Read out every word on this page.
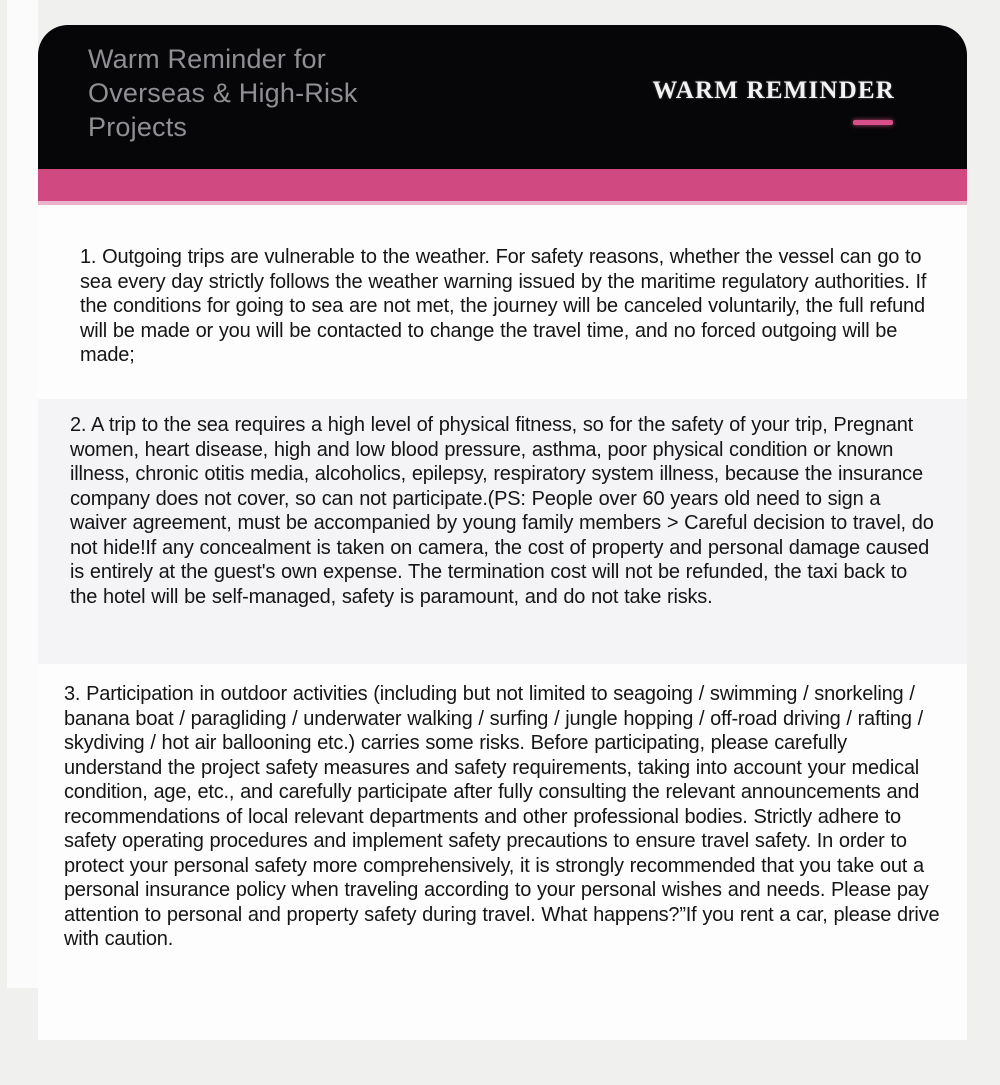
Warm Reminder for Overseas & High-Risk Projects
WARM REMINDER
1. Outgoing trips are vulnerable to the weather. For safety reasons, whether the vessel can go to sea every day strictly follows the weather warning issued by the maritime regulatory authorities. If the conditions for going to sea are not met, the journey will be canceled voluntarily, the full refund will be made or you will be contacted to change the travel time, and no forced outgoing will be made;
2. A trip to the sea requires a high level of physical fitness, so for the safety of your trip, Pregnant women, heart disease, high and low blood pressure, asthma, poor physical condition or known illness, chronic otitis media, alcoholics, epilepsy, respiratory system illness, because the insurance company does not cover, so can not participate.(PS: People over 60 years old need to sign a waiver agreement, must be accompanied by young family members > Careful decision to travel, do not hide!If any concealment is taken on camera, the cost of property and personal damage caused is entirely at the guest's own expense. The termination cost will not be refunded, the taxi back to the hotel will be self-managed, safety is paramount, and do not take risks.
3. Participation in outdoor activities (including but not limited to seagoing / swimming / snorkeling / banana boat / paragliding / underwater walking / surfing / jungle hopping / off-road driving / rafting / skydiving / hot air ballooning etc.) carries some risks. Before participating, please carefully understand the project safety measures and safety requirements, taking into account your medical condition, age, etc., and carefully participate after fully consulting the relevant announcements and recommendations of local relevant departments and other professional bodies. Strictly adhere to safety operating procedures and implement safety precautions to ensure travel safety. In order to protect your personal safety more comprehensively, it is strongly recommended that you take out a personal insurance policy when traveling according to your personal wishes and needs. Please pay attention to personal and property safety during travel. What happens?”If you rent a car, please drive with caution.
